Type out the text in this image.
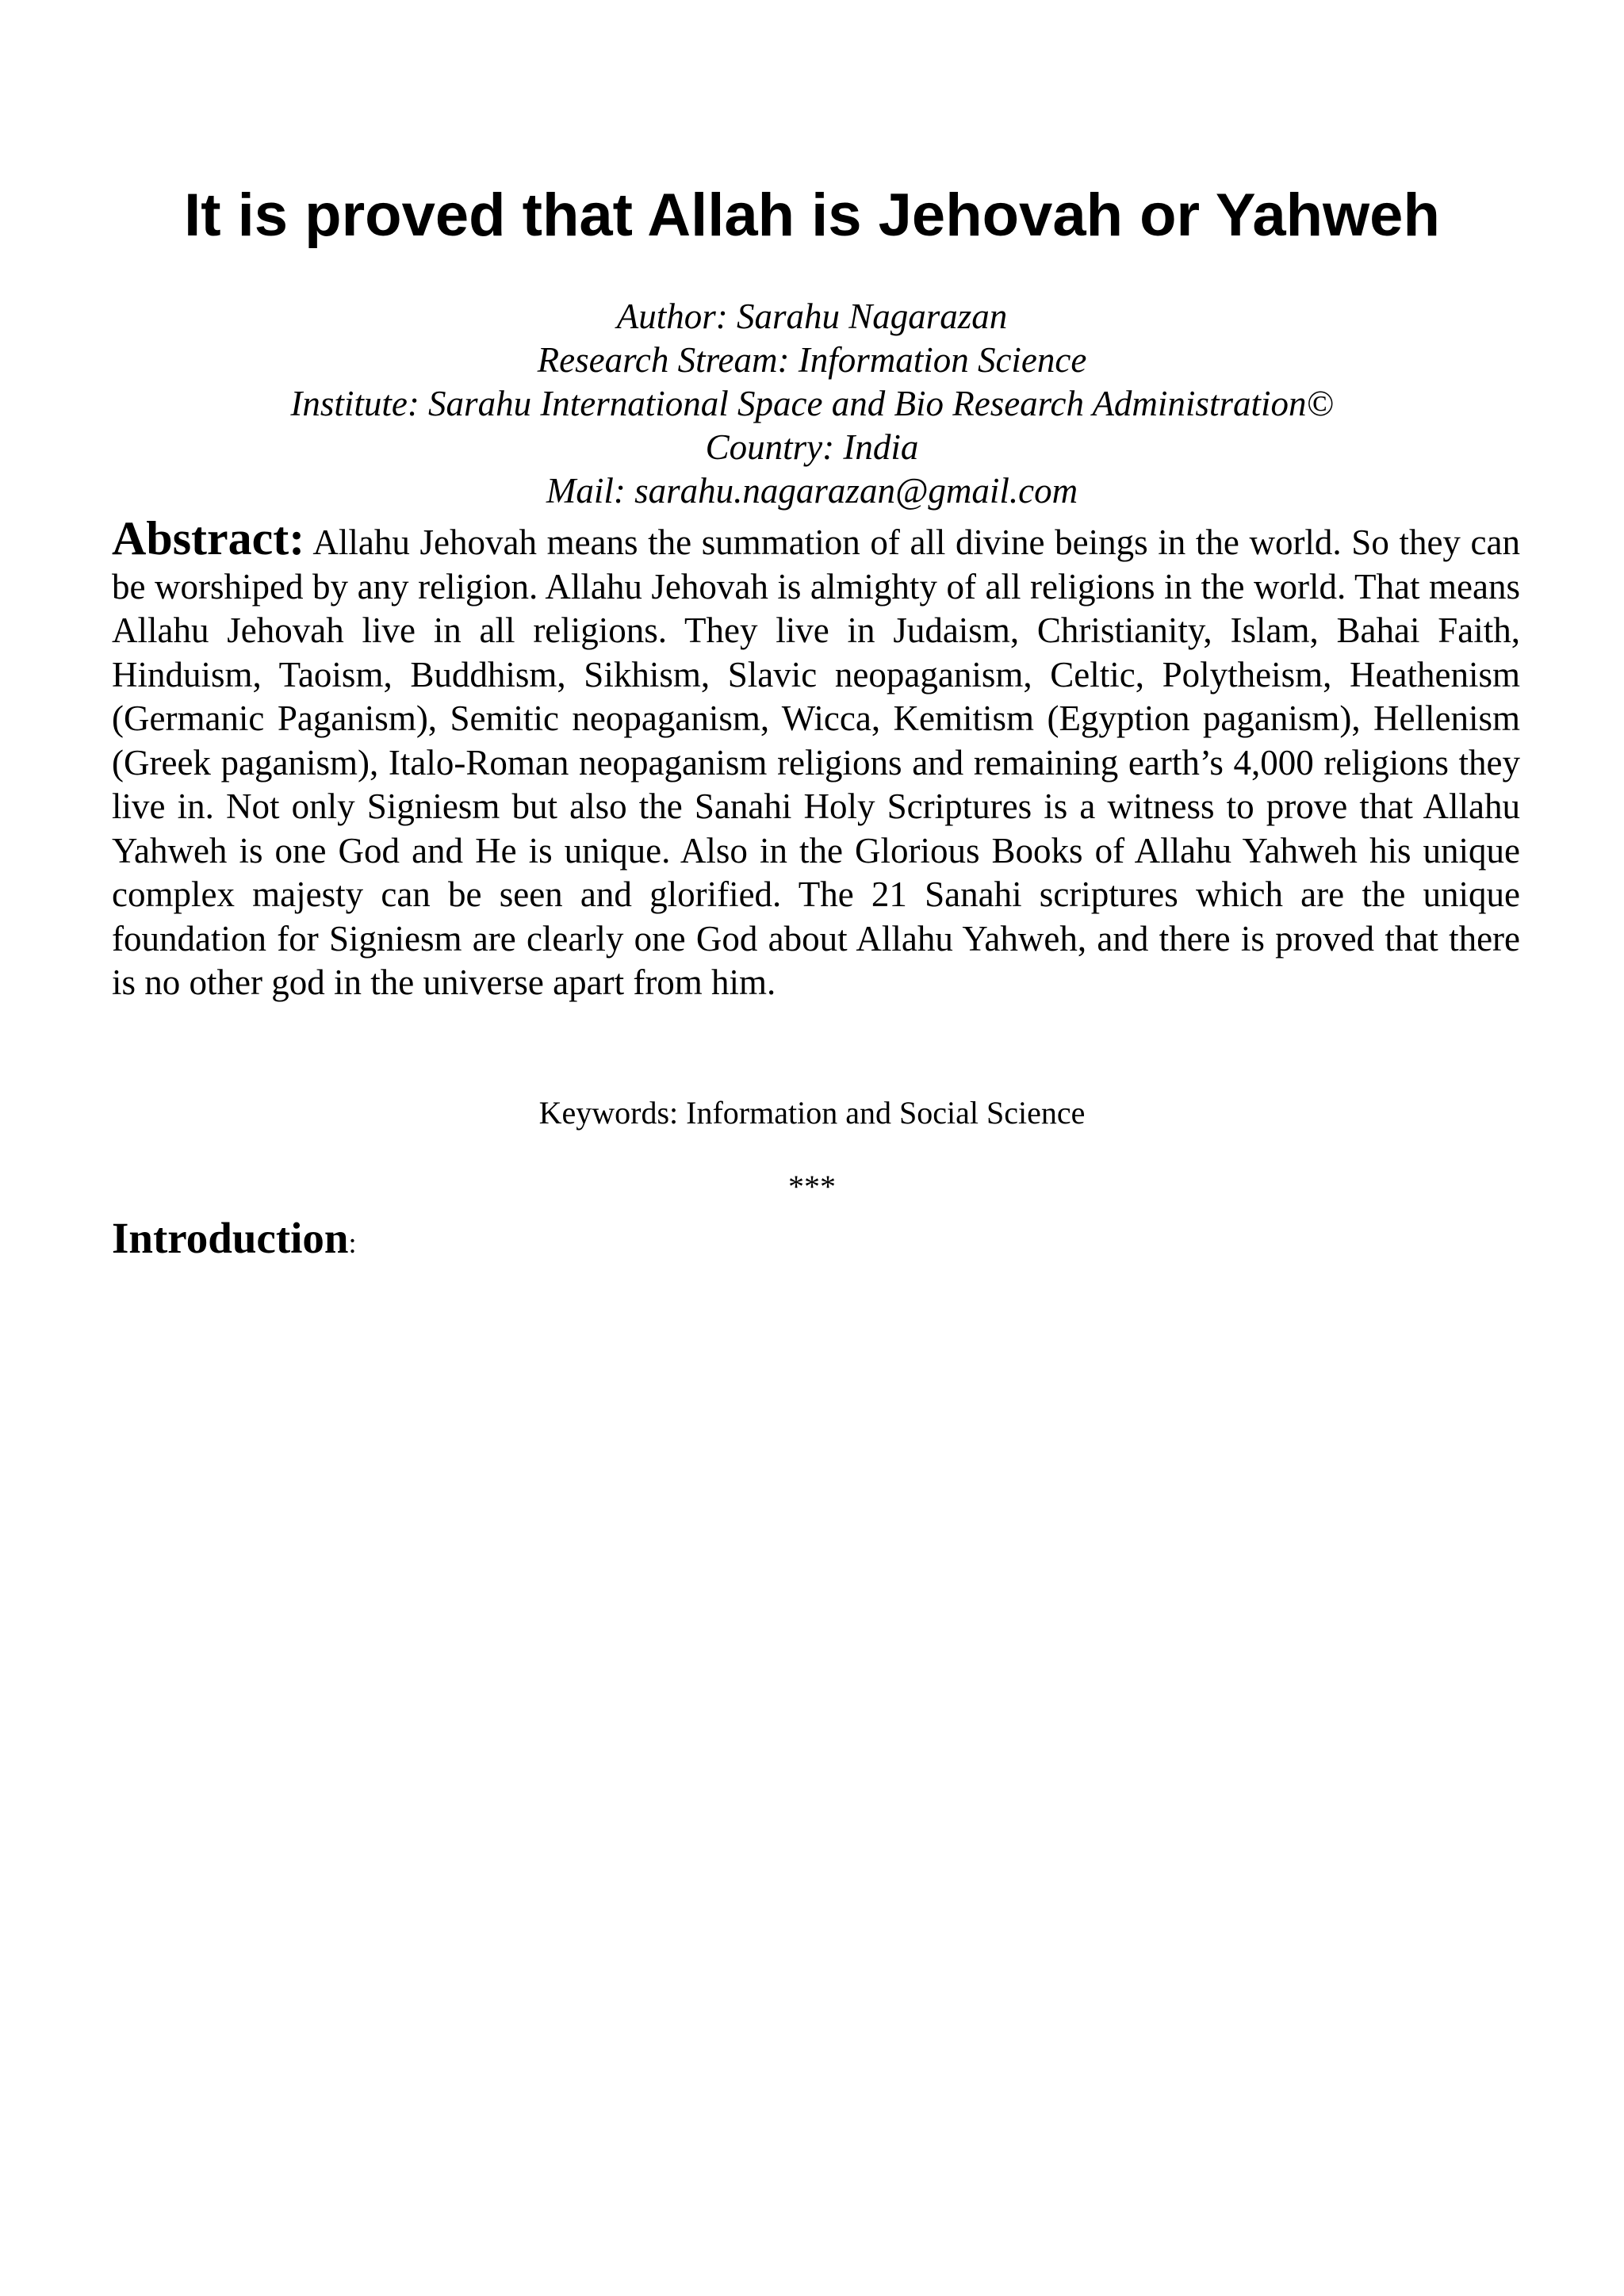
It is proved that Allah is Jehovah or Yahweh
Author: Sarahu Nagarazan
Research Stream: Information Science
Institute: Sarahu International Space and Bio Research Administration©
Country: India
Mail: sarahu.nagarazan@gmail.com

Abstract: Allahu Jehovah means the summation of all divine beings in the world. So they can be worshiped by any religion. Allahu Jehovah is almighty of all religions in the world. That means Allahu Jehovah live in all religions. They live in Judaism, Christianity, Islam, Bahai Faith, Hinduism, Taoism, Buddhism, Sikhism, Slavic neopaganism, Celtic, Polytheism, Heathenism (Germanic Paganism), Semitic neopaganism, Wicca, Kemitism (Egyption paganism), Hellenism (Greek paganism), Italo-Roman neopaganism religions and remaining earth’s 4,000 religions they live in. Not only Signiesm but also the Sanahi Holy Scriptures is a witness to prove that Allahu Yahweh is one God and He is unique. Also in the Glorious Books of Allahu Yahweh his unique complex majesty can be seen and glorified. The 21 Sanahi scriptures which are the unique foundation for Signiesm are clearly one God about Allahu Yahweh, and there is proved that there is no other god in the universe apart from him.

Keywords: Information and Social Science
***
Introduction:
